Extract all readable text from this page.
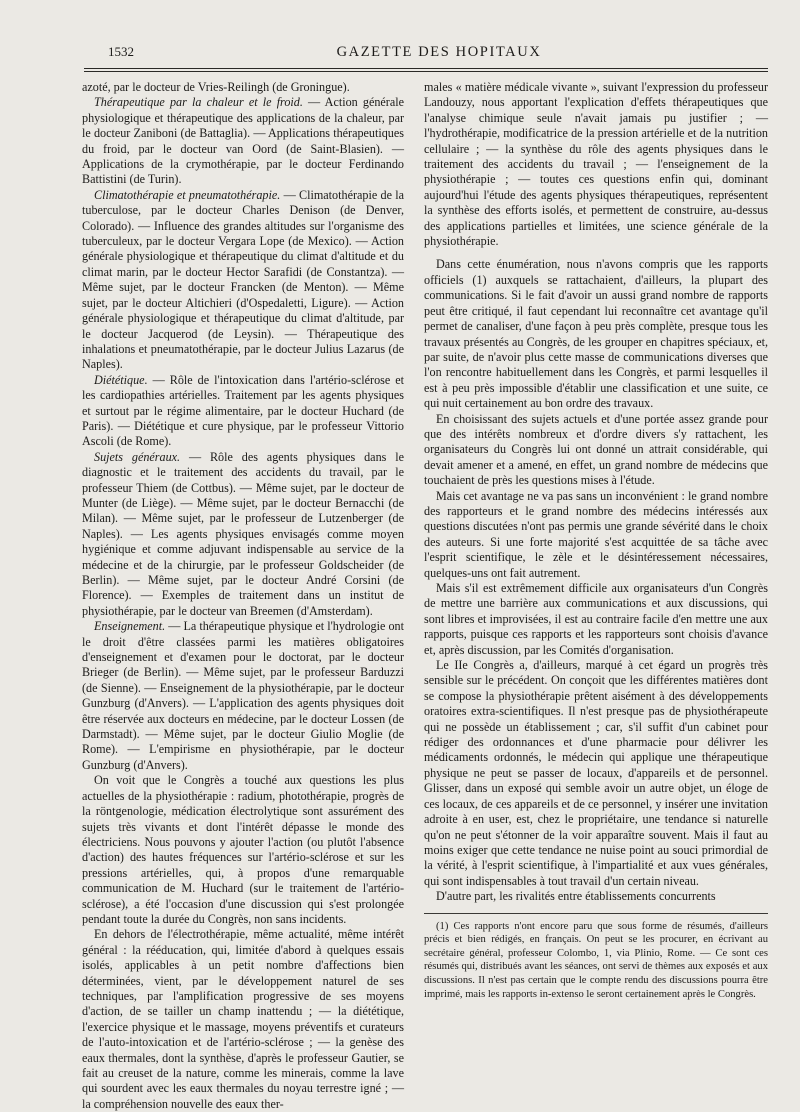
1532	GAZETTE DES HOPITAUX

azoté, par le docteur de Vries-Reilingh (de Groningue).

Thérapeutique par la chaleur et le froid. — Action générale physiologique et thérapeutique des applications de la chaleur, par le docteur Zaniboni (de Battaglia). — Applications thérapeutiques du froid, par le docteur van Oord (de Saint-Blasien). — Applications de la crymothérapie, par le docteur Ferdinando Battistini (de Turin).

Climatothérapie et pneumatothérapie. — Climatothérapie de la tuberculose, par le docteur Charles Denison (de Denver, Colorado). — Influence des grandes altitudes sur l'organisme des tuberculeux, par le docteur Vergara Lope (de Mexico). — Action générale physiologique et thérapeutique du climat d'altitude et du climat marin, par le docteur Hector Sarafidi (de Constantza). — Même sujet, par le docteur Francken (de Menton). — Même sujet, par le docteur Altichieri (d'Ospedaletti, Ligure). — Action générale physiologique et thérapeutique du climat d'altitude, par le docteur Jacquerod (de Leysin). — Thérapeutique des inhalations et pneumatothérapie, par le docteur Julius Lazarus (de Naples).

Diététique. — Rôle de l'intoxication dans l'artério-sclérose et les cardiopathies artérielles. Traitement par les agents physiques et surtout par le régime alimentaire, par le docteur Huchard (de Paris). — Diététique et cure physique, par le professeur Vittorio Ascoli (de Rome).

Sujets généraux. — Rôle des agents physiques dans le diagnostic et le traitement des accidents du travail, par le professeur Thiem (de Cottbus). — Même sujet, par le docteur de Munter (de Liège). — Même sujet, par le docteur Bernacchi (de Milan). — Même sujet, par le professeur de Lutzenberger (de Naples). — Les agents physiques envisagés comme moyen hygiénique et comme adjuvant indispensable au service de la médecine et de la chirurgie, par le professeur Goldscheider (de Berlin). — Même sujet, par le docteur André Corsini (de Florence). — Exemples de traitement dans un institut de physiothérapie, par le docteur van Breemen (d'Amsterdam).

Enseignement. — La thérapeutique physique et l'hydrologie ont le droit d'être classées parmi les matières obligatoires d'enseignement et d'examen pour le doctorat, par le docteur Brieger (de Berlin). — Même sujet, par le professeur Barduzzi (de Sienne). — Enseignement de la physiothérapie, par le docteur Gunzburg (d'Anvers). — L'application des agents physiques doit être réservée aux docteurs en médecine, par le docteur Lossen (de Darmstadt). — Même sujet, par le docteur Giulio Moglie (de Rome). — L'empirisme en physiothérapie, par le docteur Gunzburg (d'Anvers).

On voit que le Congrès a touché aux questions les plus actuelles de la physiothérapie : radium, photothérapie, progrès de la röntgenologie, médication électrolytique sont assurément des sujets très vivants et dont l'intérêt dépasse le monde des électriciens. Nous pouvons y ajouter l'action (ou plutôt l'absence d'action) des hautes fréquences sur l'artério-sclérose et sur les pressions artérielles, qui, à propos d'une remarquable communication de M. Huchard (sur le traitement de l'artério-sclérose), a été l'occasion d'une discussion qui s'est prolongée pendant toute la durée du Congrès, non sans incidents.

En dehors de l'électrothérapie, même actualité, même intérêt général : la rééducation, qui, limitée d'abord à quelques essais isolés, applicables à un petit nombre d'affections bien déterminées, vient, par le développement naturel de ses techniques, par l'amplification progressive de ses moyens d'action, de se tailler un champ inattendu ; — la diététique, l'exercice physique et le massage, moyens préventifs et curateurs de l'auto-intoxication et de l'artério-sclérose ; — la genèse des eaux thermales, dont la synthèse, d'après le professeur Gautier, se fait au creuset de la nature, comme les minerais, comme la lave qui sourdent avec les eaux thermales du noyau terrestre igné ; — la compréhension nouvelle des eaux ther-

males « matière médicale vivante », suivant l'expression du professeur Landouzy, nous apportant l'explication d'effets thérapeutiques que l'analyse chimique seule n'avait jamais pu justifier ; — l'hydrothérapie, modificatrice de la pression artérielle et de la nutrition cellulaire ; — la synthèse du rôle des agents physiques dans le traitement des accidents du travail ; — l'enseignement de la physiothérapie ; — toutes ces questions enfin qui, dominant aujourd'hui l'étude des agents physiques thérapeutiques, représentent la synthèse des efforts isolés, et permettent de construire, au-dessus des applications partielles et limitées, une science générale de la physiothérapie.

Dans cette énumération, nous n'avons compris que les rapports officiels (1) auxquels se rattachaient, d'ailleurs, la plupart des communications. Si le fait d'avoir un aussi grand nombre de rapports peut être critiqué, il faut cependant lui reconnaître cet avantage qu'il permet de canaliser, d'une façon à peu près complète, presque tous les travaux présentés au Congrès, de les grouper en chapitres spéciaux, et, par suite, de n'avoir plus cette masse de communications diverses que l'on rencontre habituellement dans les Congrès, et parmi lesquelles il est à peu près impossible d'établir une classification et une suite, ce qui nuit certainement au bon ordre des travaux.

En choisissant des sujets actuels et d'une portée assez grande pour que des intérêts nombreux et d'ordre divers s'y rattachent, les organisateurs du Congrès lui ont donné un attrait considérable, qui devait amener et a amené, en effet, un grand nombre de médecins que touchaient de près les questions mises à l'étude.

Mais cet avantage ne va pas sans un inconvénient : le grand nombre des rapporteurs et le grand nombre des médecins intéressés aux questions discutées n'ont pas permis une grande sévérité dans le choix des auteurs. Si une forte majorité s'est acquittée de sa tâche avec l'esprit scientifique, le zèle et le désintéressement nécessaires, quelques-uns ont fait autrement.

Mais s'il est extrêmement difficile aux organisateurs d'un Congrès de mettre une barrière aux communications et aux discussions, qui sont libres et improvisées, il est au contraire facile d'en mettre une aux rapports, puisque ces rapports et les rapporteurs sont choisis d'avance et, après discussion, par les Comités d'organisation.

Le IIe Congrès a, d'ailleurs, marqué à cet égard un progrès très sensible sur le précédent. On conçoit que les différentes matières dont se compose la physiothérapie prêtent aisément à des développements oratoires extra-scientifiques. Il n'est presque pas de physiothérapeute qui ne possède un établissement ; car, s'il suffit d'un cabinet pour rédiger des ordonnances et d'une pharmacie pour délivrer les médicaments ordonnés, le médecin qui applique une thérapeutique physique ne peut se passer de locaux, d'appareils et de personnel. Glisser, dans un exposé qui semble avoir un autre objet, un éloge de ces locaux, de ces appareils et de ce personnel, y insérer une invitation adroite à en user, est, chez le propriétaire, une tendance si naturelle qu'on ne peut s'étonner de la voir apparaître souvent. Mais il faut au moins exiger que cette tendance ne nuise point au souci primordial de la vérité, à l'esprit scientifique, à l'impartialité et aux vues générales, qui sont indispensables à tout travail d'un certain niveau.

D'autre part, les rivalités entre établissements concurrents

(1) Ces rapports n'ont encore paru que sous forme de résumés, d'ailleurs précis et bien rédigés, en français. On peut se les procurer, en écrivant au secrétaire général, professeur Colombo, 1, via Plinio, Rome. — Ce sont ces résumés qui, distribués avant les séances, ont servi de thèmes aux exposés et aux discussions. Il n'est pas certain que le compte rendu des discussions pourra être imprimé, mais les rapports in-extenso le seront certainement après le Congrès.
